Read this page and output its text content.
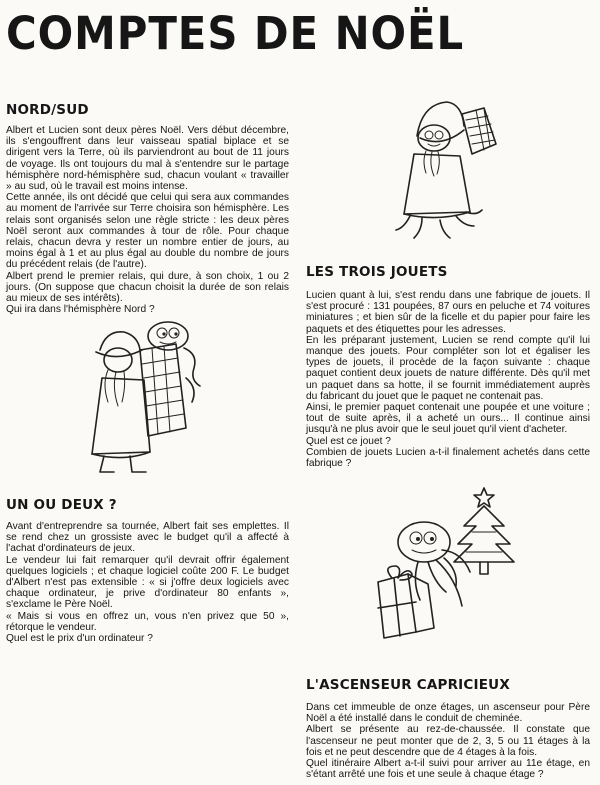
COMPTES DE NOËL
NORD/SUD

Albert et Lucien sont deux pères Noël. Vers début décembre, ils s'engouffrent dans leur vaisseau spatial biplace et se dirigent vers la Terre, où ils parviendront au bout de 11 jours de voyage. Ils ont toujours du mal à s'entendre sur le partage hémisphère nord-hémisphère sud, chacun voulant « travailler » au sud, où le travail est moins intense.

Cette année, ils ont décidé que celui qui sera aux commandes au moment de l'arrivée sur Terre choisira son hémisphère. Les relais sont organisés selon une règle stricte : les deux pères Noël seront aux commandes à tour de rôle. Pour chaque relais, chacun devra y rester un nombre entier de jours, au moins égal à 1 et au plus égal au double du nombre de jours du précédent relais (de l'autre).

Albert prend le premier relais, qui dure, à son choix, 1 ou 2 jours. (On suppose que chacun choisit la durée de son relais au mieux de ses intérêts).

Qui ira dans l'hémisphère Nord ?

LES TROIS JOUETS

Lucien quant à lui, s'est rendu dans une fabrique de jouets. Il s'est procuré : 131 poupées, 87 ours en peluche et 74 voitures miniatures ; et bien sûr de la ficelle et du papier pour faire les paquets et des étiquettes pour les adresses.

En les préparant justement, Lucien se rend compte qu'il lui manque des jouets. Pour compléter son lot et égaliser les types de jouets, il procède de la façon suivante : chaque paquet contient deux jouets de nature différente. Dès qu'il met un paquet dans sa hotte, il se fournit immédiatement auprès du fabricant du jouet que le paquet ne contenait pas.

Ainsi, le premier paquet contenait une poupée et une voiture ; tout de suite après, il a acheté un ours... Il continue ainsi jusqu'à ne plus avoir que le seul jouet qu'il vient d'acheter.

Quel est ce jouet ?

Combien de jouets Lucien a-t-il finalement achetés dans cette fabrique ?

UN OU DEUX ?

Avant d'entreprendre sa tournée, Albert fait ses emplettes. Il se rend chez un grossiste avec le budget qu'il a affecté à l'achat d'ordinateurs de jeux.

Le vendeur lui fait remarquer qu'il devrait offrir également quelques logiciels ; et chaque logiciel coûte 200 F. Le budget d'Albert n'est pas extensible : « si j'offre deux logiciels avec chaque ordinateur, je prive d'ordinateur 80 enfants », s'exclame le Père Noël.

« Mais si vous en offrez un, vous n'en privez que 50 », rétorque le vendeur.

Quel est le prix d'un ordinateur ?

L'ASCENSEUR CAPRICIEUX

Dans cet immeuble de onze étages, un ascenseur pour Père Noël a été installé dans le conduit de cheminée.

Albert se présente au rez-de-chaussée. Il constate que l'ascenseur ne peut monter que de 2, 3, 5 ou 11 étages à la fois et ne peut descendre que de 4 étages à la fois.

Quel itinéraire Albert a-t-il suivi pour arriver au 11e étage, en s'étant arrêté une fois et une seule à chaque étage ?
